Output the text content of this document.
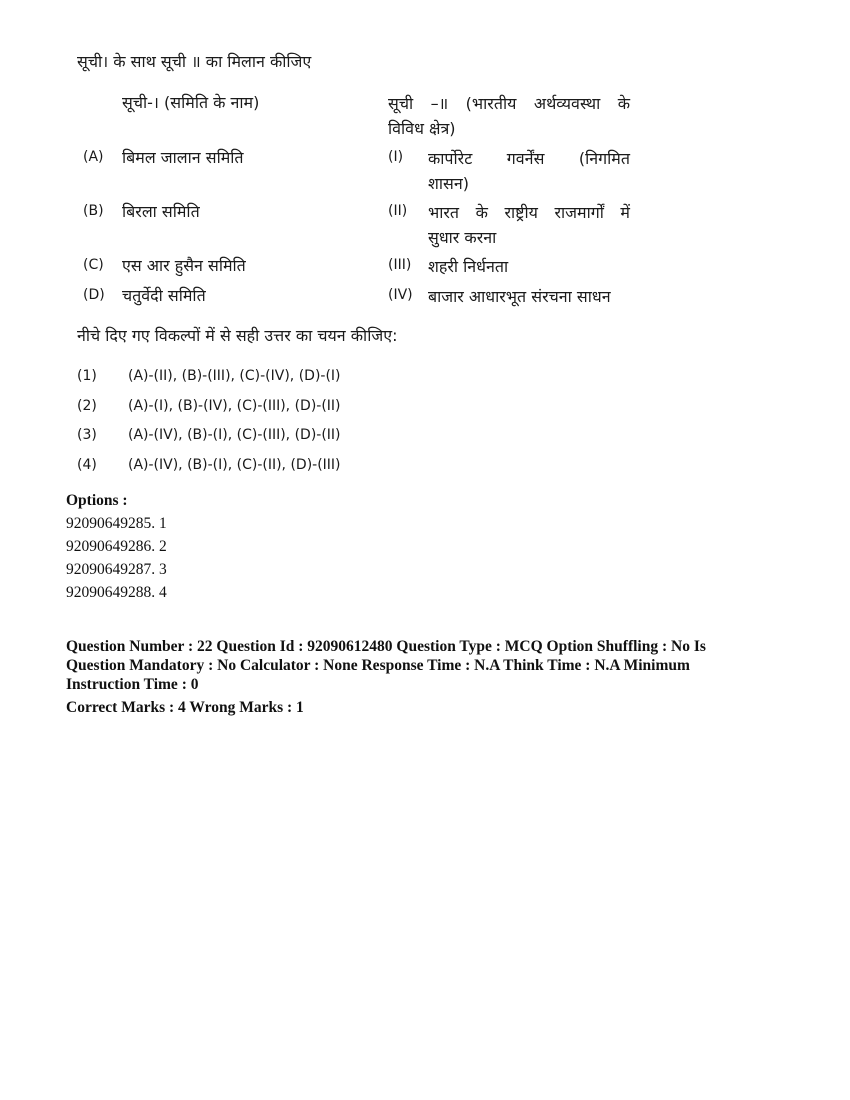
सूची। के साथ सूची ॥ का मिलान कीजिए
सूची-। (समिति के नाम)	सूची –॥ (भारतीय अर्थव्यवस्था के
विविध क्षेत्र)
(A) बिमल जालान समिति	(I) कार्पोरेट गवर्नेंस (निगमित
शासन)
(B) बिरला समिति	(II) भारत के राष्ट्रीय राजमार्गों में
सुधार करना
(C) एस आर हुसैन समिति	(III) शहरी निर्धनता
(D) चतुर्वेदी समिति	(IV) बाजार आधारभूत संरचना साधन
नीचे दिए गए विकल्पों में से सही उत्तर का चयन कीजिए:
(1) (A)-(II), (B)-(III), (C)-(IV), (D)-(I)
(2) (A)-(I), (B)-(IV), (C)-(III), (D)-(II)
(3) (A)-(IV), (B)-(I), (C)-(III), (D)-(II)
(4) (A)-(IV), (B)-(I), (C)-(II), (D)-(III)
Options :
92090649285. 1
92090649286. 2
92090649287. 3
92090649288. 4
Question Number : 22 Question Id : 92090612480 Question Type : MCQ Option Shuffling : No Is
Question Mandatory : No Calculator : None Response Time : N.A Think Time : N.A Minimum
Instruction Time : 0
Correct Marks : 4 Wrong Marks : 1
